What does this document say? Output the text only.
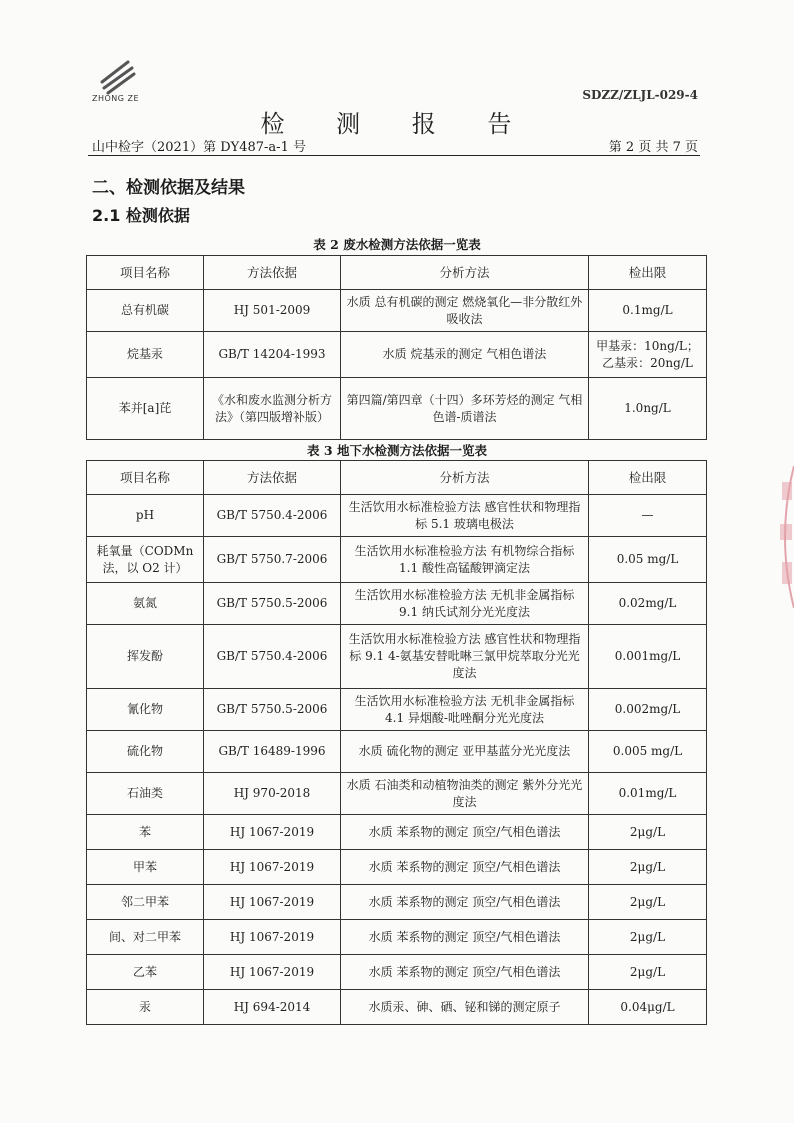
ZHONG ZE	SDZZ/ZLJL-029-4
检 测 报 告
山中检字（2021）第 DY487-a-1 号	第 2 页 共 7 页
二、检测依据及结果
2.1 检测依据
表 2 废水检测方法依据一览表
项目名称	方法依据	分析方法	检出限
总有机碳	HJ 501-2009	水质 总有机碳的测定 燃烧氧化—非分散红外吸收法	0.1mg/L
烷基汞	GB/T 14204-1993	水质 烷基汞的测定 气相色谱法	甲基汞：10ng/L；乙基汞：20ng/L
苯并[a]芘	《水和废水监测分析方法》（第四版增补版）	第四篇/第四章（十四）多环芳烃的测定 气相色谱-质谱法	1.0ng/L
表 3 地下水检测方法依据一览表
项目名称	方法依据	分析方法	检出限
pH	GB/T 5750.4-2006	生活饮用水标准检验方法 感官性状和物理指标 5.1 玻璃电极法	—
耗氧量（CODMn法，以 O2 计）	GB/T 5750.7-2006	生活饮用水标准检验方法 有机物综合指标1.1 酸性高锰酸钾滴定法	0.05 mg/L
氨氮	GB/T 5750.5-2006	生活饮用水标准检验方法 无机非金属指标 9.1 纳氏试剂分光光度法	0.02mg/L
挥发酚	GB/T 5750.4-2006	生活饮用水标准检验方法 感官性状和物理指标 9.1 4-氨基安替吡啉三氯甲烷萃取分光光度法	0.001mg/L
氰化物	GB/T 5750.5-2006	生活饮用水标准检验方法 无机非金属指标 4.1 异烟酸-吡唑酮分光光度法	0.002mg/L
硫化物	GB/T 16489-1996	水质 硫化物的测定 亚甲基蓝分光光度法	0.005 mg/L
石油类	HJ 970-2018	水质 石油类和动植物油类的测定 紫外分光光度法	0.01mg/L
苯	HJ 1067-2019	水质 苯系物的测定 顶空/气相色谱法	2μg/L
甲苯	HJ 1067-2019	水质 苯系物的测定 顶空/气相色谱法	2μg/L
邻二甲苯	HJ 1067-2019	水质 苯系物的测定 顶空/气相色谱法	2μg/L
间、对二甲苯	HJ 1067-2019	水质 苯系物的测定 顶空/气相色谱法	2μg/L
乙苯	HJ 1067-2019	水质 苯系物的测定 顶空/气相色谱法	2μg/L
汞	HJ 694-2014	水质汞、砷、硒、铋和锑的测定原子	0.04μg/L
